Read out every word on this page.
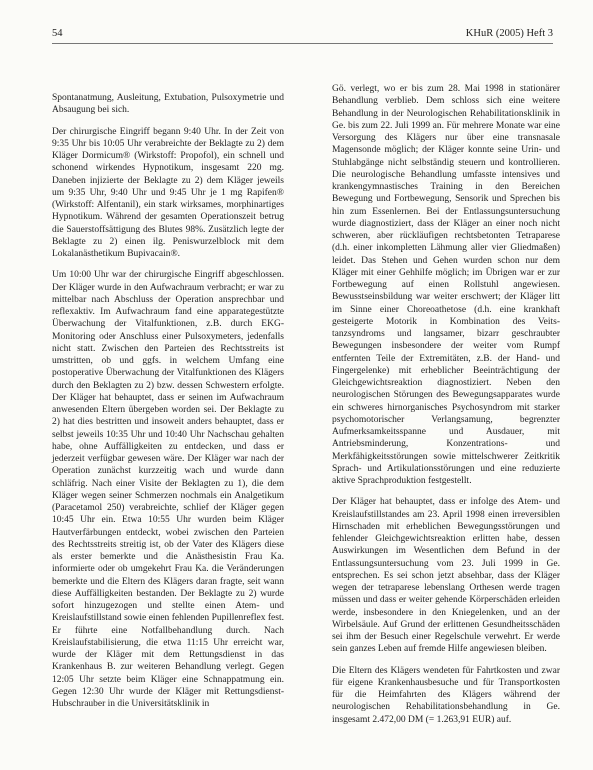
54	KHuR (2005) Heft 3

Spontanatmung, Ausleitung, Extubation, Pulsoxymetrie und Absaugung bei sich.

Der chirurgische Eingriff begann 9:40 Uhr. In der Zeit von 9:35 Uhr bis 10:05 Uhr verabreichte der Beklagte zu 2) dem Kläger Dormicum® (Wirkstoff: Propofol), ein schnell und schonend wirkendes Hypnotikum, insgesamt 220 mg. Daneben injizierte der Beklagte zu 2) dem Kläger jeweils um 9:35 Uhr, 9:40 Uhr und 9:45 Uhr je 1 mg Rapifen® (Wirkstoff: Alfentanil), ein stark wirksames, morphinartiges Hypnotikum. Während der gesamten Operationszeit betrug die Sauerstoffsättigung des Blutes 98%. Zusätzlich legte der Beklagte zu 2) einen ilg. Peniswurzelblock mit dem Lokalanästhetikum Bupivacain®.

Um 10:00 Uhr war der chirurgische Eingriff abgeschlossen. Der Kläger wurde in den Aufwachraum verbracht; er war zu mittelbar nach Abschluss der Operation ansprechbar und reflexaktiv. Im Aufwachraum fand eine apparategestützte Überwachung der Vitalfunktionen, z.B. durch EKG-Monitoring oder Anschluss einer Pulsoxymeters, jedenfalls nicht statt. Zwischen den Parteien des Rechtsstreits ist umstritten, ob und ggfs. in welchem Umfang eine postoperative Überwachung der Vitalfunktionen des Klägers durch den Beklagten zu 2) bzw. dessen Schwestern erfolgte. Der Kläger hat behauptet, dass er seinen im Aufwachraum anwesenden Eltern übergeben worden sei. Der Beklagte zu 2) hat dies bestritten und insoweit anders behauptet, dass er selbst jeweils 10:35 Uhr und 10:40 Uhr Nachschau gehalten habe, ohne Auffälligkeiten zu entdecken, und dass er jederzeit verfügbar gewesen wäre. Der Kläger war nach der Operation zunächst kurzzeitig wach und wurde dann schläfrig. Nach einer Visite der Beklagten zu 1), die dem Kläger wegen seiner Schmerzen nochmals ein Analgetikum (Paracetamol 250) verabreichte, schlief der Kläger gegen 10:45 Uhr ein. Etwa 10:55 Uhr wurden beim Kläger Hautverfärbungen entdeckt, wobei zwischen den Parteien des Rechtsstreits streitig ist, ob der Vater des Klägers diese als erster bemerkte und die Anästhesistin Frau Ka. informierte oder ob umgekehrt Frau Ka. die Veränderungen bemerkte und die Eltern des Klägers daran fragte, seit wann diese Auffälligkeiten bestanden. Der Beklagte zu 2) wurde sofort hinzugezogen und stellte einen Atem- und Kreislaufstillstand sowie einen fehlenden Pupillenreflex fest. Er führte eine Notfallbehandlung durch. Nach Kreislaufstabilisierung, die etwa 11:15 Uhr erreicht war, wurde der Kläger mit dem Rettungsdienst in das Krankenhaus B. zur weiteren Behandlung verlegt. Gegen 12:05 Uhr setzte beim Kläger eine Schnappatmung ein. Gegen 12:30 Uhr wurde der Kläger mit Rettungsdienst-Hubschrauber in die Universitätsklinik in

Gö. verlegt, wo er bis zum 28. Mai 1998 in stationärer Behandlung verblieb. Dem schloss sich eine weitere Behandlung in der Neurologischen Rehabilitationsklinik in Ge. bis zum 22. Juli 1999 an. Für mehrere Monate war eine Versorgung des Klägers nur über eine transnasale Magensonde möglich; der Kläger konnte seine Urin- und Stuhlabgänge nicht selbständig steuern und kontrollieren. Die neurologische Behandlung umfasste intensives und krankengymnastisches Training in den Bereichen Bewegung und Fortbewegung, Sensorik und Sprechen bis hin zum Essenlernen. Bei der Entlassungsuntersuchung wurde diagnostiziert, dass der Kläger an einer noch nicht schweren, aber rückläufigen rechtsbetonten Tetraparese (d.h. einer inkompletten Lähmung aller vier Gliedmaßen) leidet. Das Stehen und Gehen wurden schon nur dem Kläger mit einer Gehhilfe möglich; im Übrigen war er zur Fortbewegung auf einen Rollstuhl angewiesen. Bewusstseinsbildung war weiter erschwert; der Kläger litt im Sinne einer Choreoathetose (d.h. eine krankhaft gesteigerte Motorik in Kombination des Veits-tanzsyndroms und langsamer, bizarr geschraubter Bewegungen insbesondere der weiter vom Rumpf entfernten Teile der Extremitäten, z.B. der Hand- und Fingergelenke) mit erheblicher Beeinträchtigung der Gleichgewichtsreaktion diagnostiziert. Neben den neurologischen Störungen des Bewegungsapparates wurde ein schweres hirnorganisches Psychosyndrom mit starker psychomotorischer Verlangsamung, begrenzter Aufmerksamkeitsspanne und Ausdauer, mit Antriebsminderung, Konzentrations- und Merkfähigkeitsstörungen sowie mittelschwerer Zeitkritik Sprach- und Artikulationsstörungen und eine reduzierte aktive Sprachproduktion festgestellt.

Der Kläger hat behauptet, dass er infolge des Atem- und Kreislaufstillstandes am 23. April 1998 einen irreversiblen Hirnschaden mit erheblichen Bewegungsstörungen und fehlender Gleichgewichtsreaktion erlitten habe, dessen Auswirkungen im Wesentlichen dem Befund in der Entlassungsuntersuchung vom 23. Juli 1999 in Ge. entsprechen. Es sei schon jetzt absehbar, dass der Kläger wegen der tetraparese lebenslang Orthesen werde tragen müssen und dass er weiter gehende Körperschäden erleiden werde, insbesondere in den Kniegelenken, und an der Wirbelsäule. Auf Grund der erlittenen Gesundheitsschäden sei ihm der Besuch einer Regelschule verwehrt. Er werde sein ganzes Leben auf fremde Hilfe angewiesen bleiben.

Die Eltern des Klägers wendeten für Fahrtkosten und zwar für eigene Krankenhausbesuche und für Transportkosten für die Heimfahrten des Klägers während der neurologischen Rehabilitationsbehandlung in Ge. insgesamt 2.472,00 DM (= 1.263,91 EUR) auf.
